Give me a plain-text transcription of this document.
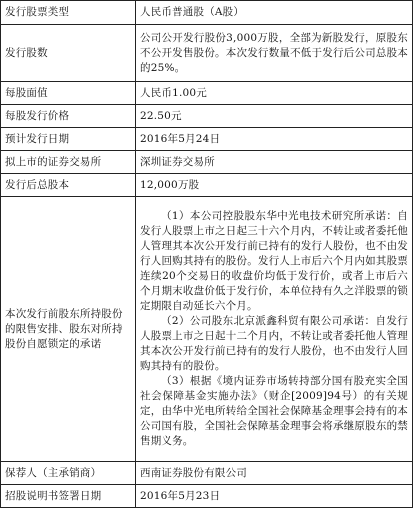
发行股票类型	人民币普通股（A股）
发行股数	公司公开发行股份3,000万股，全部为新股发行，原股东不公开发售股份。本次发行数量不低于发行后公司总股本的25%。
每股面值	人民币1.00元
每股发行价格	22.50元
预计发行日期	2016年5月24日
拟上市的证券交易所	深圳证券交易所
发行后总股本	12,000万股
本次发行前股东所持股份的限售安排、股东对所持股份自愿锁定的承诺	（1）本公司控股股东华中光电技术研究所承诺：自发行人股票上市之日起三十六个月内，不转让或者委托他人管理其本次公开发行前已持有的发行人股份，也不由发行人回购其持有的股份。发行人上市后六个月内如其股票连续20个交易日的收盘价均低于发行价，或者上市后六个月期末收盘价低于发行价，本单位持有久之洋股票的锁定期限自动延长六个月。

（2）公司股东北京派鑫科贸有限公司承诺：自发行人股票上市之日起十二个月内，不转让或者委托他人管理其本次公开发行前已持有的发行人股份，也不由发行人回购其持有的股份。

（3）根据《境内证券市场转持部分国有股充实全国社会保障基金实施办法》（财企[2009]94号）的有关规定，由华中光电所转给全国社会保障基金理事会持有的本公司国有股，全国社会保障基金理事会将承继原股东的禁售期义务。

保荐人（主承销商）	西南证券股份有限公司
招股说明书签署日期	2016年5月23日
